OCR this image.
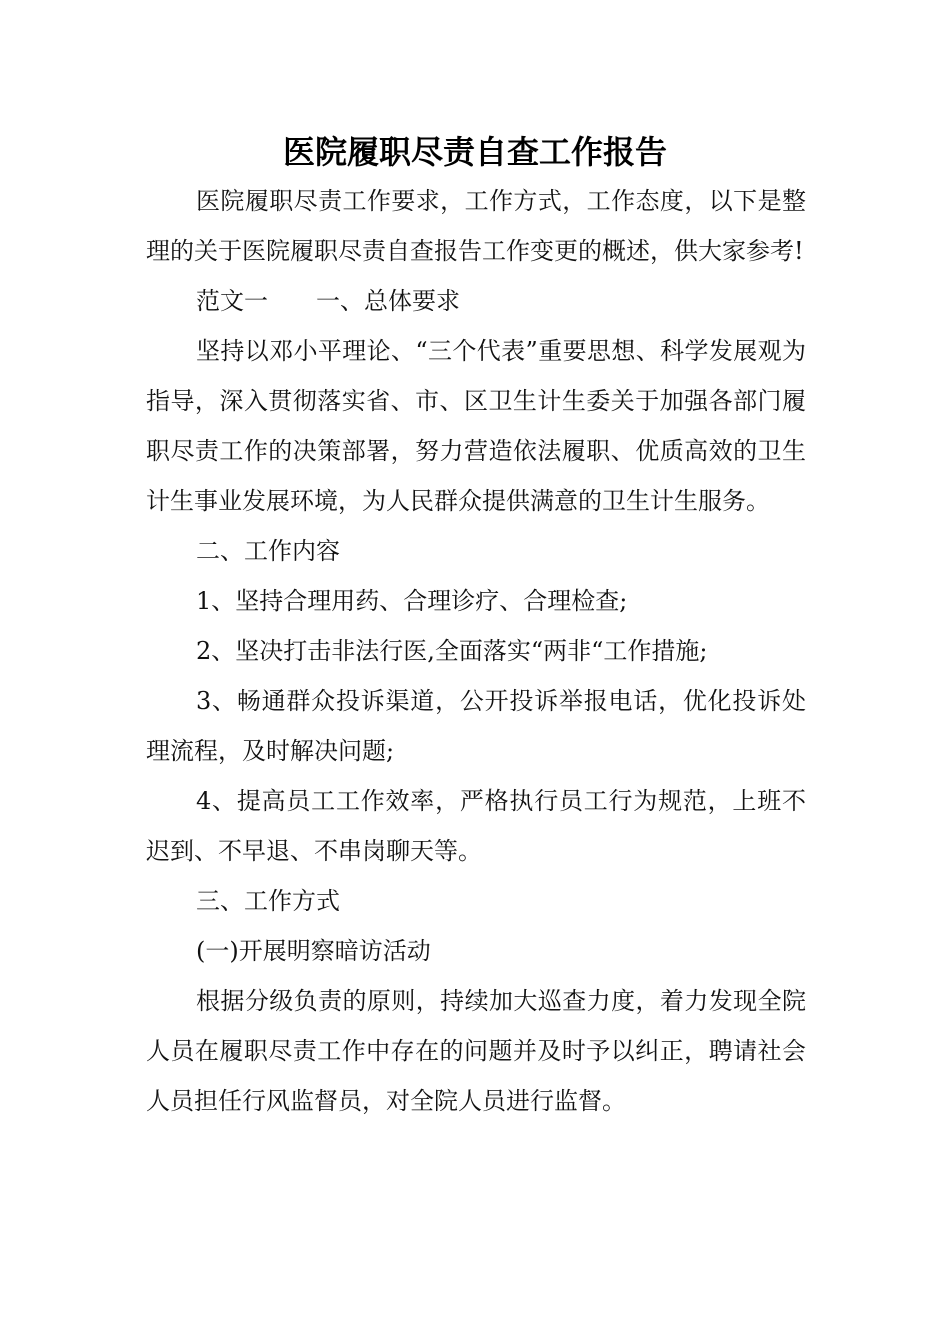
医院履职尽责自查工作报告

医院履职尽责工作要求，工作方式，工作态度，以下是整理的关于医院履职尽责自查报告工作变更的概述，供大家参考!

范文一　　一、总体要求

坚持以邓小平理论、“三个代表”重要思想、科学发展观为指导，深入贯彻落实省、市、区卫生计生委关于加强各部门履职尽责工作的决策部署，努力营造依法履职、优质高效的卫生计生事业发展环境，为人民群众提供满意的卫生计生服务。

二、工作内容

1、坚持合理用药、合理诊疗、合理检查;

2、坚决打击非法行医,全面落实“两非“工作措施;

3、畅通群众投诉渠道，公开投诉举报电话，优化投诉处理流程，及时解决问题;

4、提高员工工作效率，严格执行员工行为规范，上班不迟到、不早退、不串岗聊天等。

三、工作方式

(一)开展明察暗访活动

根据分级负责的原则，持续加大巡查力度，着力发现全院人员在履职尽责工作中存在的问题并及时予以纠正，聘请社会人员担任行风监督员，对全院人员进行监督。
